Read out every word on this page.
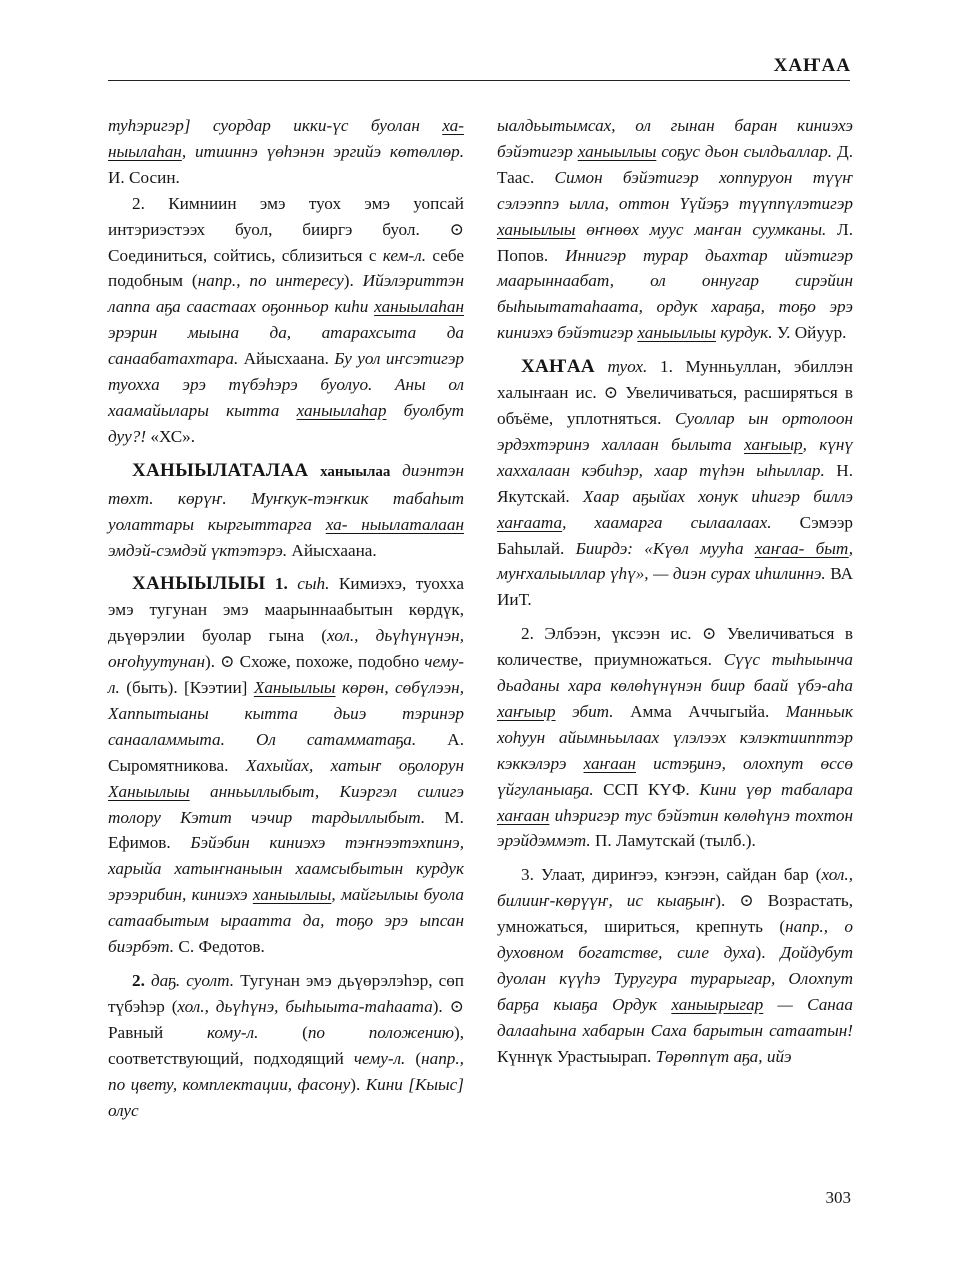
ХАҤАА

туһэригэр] суордар икки-үс буолан ха- ныылаһан, итииннэ үөһэнэн эргийэ көтөллөр. И. Сосин.

2. Кимниин эмэ туох эмэ уопсай интэриэстээх буол, бииргэ буол. ⊙ Соединиться, сойтись, сблизиться с кем-л. себе подобным (напр., по интересу). Ийэлэриттэн лаппа аҕа саастаах оҕонньор киһи ханыылаһан эрэрин мыына да, атарахсыта да санаабатахтара. Айысхаана. Бу уол иҥсэтигэр туоххa эрэ түбэһэрэ буолуо. Аны ол хаамайылары кытта ханыылаһар буолбут дуу?! «ХС».

ХАНЫЫЛАТАЛАА ханыылаа диэнтэн төхт. көрүҥ. Муҥкук-тэҥкик табаһыт уолаттары кыргыттарга ха- ныылаталаан эмдэй-сэмдэй үктэтэрэ. Айысхаана.

ХАНЫЫЛЫЫ 1. сыһ. Кимиэхэ, туохха эмэ тугунан эмэ маарыннаабытын көрдүк, дьүөрэлии буолар гына (хол., дьүһүнүнэн, оҥоһуутунан). ⊙ Схоже, похоже, подобно чему-л. (быть). [Кээтии] Ханыылыы көрөн, сөбүлээн, Хаппытыаны кытта дьиэ тэринэр санааламмыта. Ол сатамматаҕа. А. Сыромятникова. Хахыйах, хатыҥ оҕолорун Ханыылыы анньыллыбыт, Киэргэл силигэ толору Кэтит чэчир тардыллыбыт. М. Ефимов. Бэйэбин киниэхэ тэҥнээтэхпинэ, харыйа хатыҥнаныын хаамсыбытын курдук эрээрибин, киниэхэ ханыылыы, майгылыы буола сатаабытым ыраатта да, тоҕо эрэ ыпсан биэрбэт. С. Федотов.

2. даҕ. суолт. Тугунан эмэ дьүөрэлэһэр, сөп түбэһэр (хол., дьүһүнэ, быһыыта-таһаата). ⊙ Равный кому-л. (по положению), соответствующий, подходящий чему-л. (напр., по цвету, комплектации, фасону). Кини [Кыыс] олус

ыалдьытымсах, ол гынан баран киниэхэ бэйэтигэр ханыылыы соҕус дьон сылдьаллар. Д. Таас. Симон бэйэтигэр хоппуруон түүҥ сэлээппэ ылла, оттон Үүйэҕэ түүппүлэтигэр ханыылыы өҥнөөх муус маҥан суумканы. Л. Попов. Иннигэр турар дьахтар ийэтигэр маарыннаабат, ол оннугар сирэйин быһыытатаһаата, ордук хараҕа, тоҕо эрэ киниэхэ бэйэтигэр ханыылыы курдук. У. Ойуур.

ХАҤАА туох. 1. Мунньуллан, эбиллэн халыҥаан ис. ⊙ Увеличиваться, расширяться в объёме, уплотняться. Суоллар ын ортолоон эрдэхтэринэ халлаан былыта хаҥыыр, күнү хаххалаан кэбиһэр, хаар түһэн ыһыллар. Н. Якутскай. Хаар аҕыйах хонук иһигэр биллэ хаҥаата, хаамарга сылаалаах. Сэмээр Баһылай. Биирдэ: «Күөл мууһа хаҥаа- быт, муҥхалыыллар үһү», — диэн сурах иһилиннэ. ВА ИиТ.

2. Элбээн, үксээн ис. ⊙ Увеличиваться в количестве, приумножаться. Сүүс тыһыынча дьаданы хара көлөһүнүнэн биир баай үбэ-аһа хаҥыыр эбит. Амма Аччыгыйа. Манньык хоһуун айымньылаах үлэлээх кэлэктиипптэр кэккэлэрэ хаҥаан истэҕинэ, олохпут өссө үйгуланыаҕа. ССП КҮФ. Кини үөр табалара хаҥаан иһэригэр тус бэйэтин көлөһүнэ тохтон эрэйдэммэт. П. Ламутскай (тылб.).

3. Улаат, дириҥээ, кэҥээн, сайдан бар (хол., билииҥ-көрүүҥ, ис кыаҕыҥ). ⊙ Возрастать, умножаться, шириться, крепнуть (напр., о духовном богатстве, силе духа). Дойдубут дуолан күүһэ Туругура турарыгар, Олохпут барҕа кыаҕа Ордук ханыырыгар — Санаа далааһына хабарын Саха барытын сатаатын! Күннүк Урастыырап. Төрөппүт аҕа, ийэ

303
